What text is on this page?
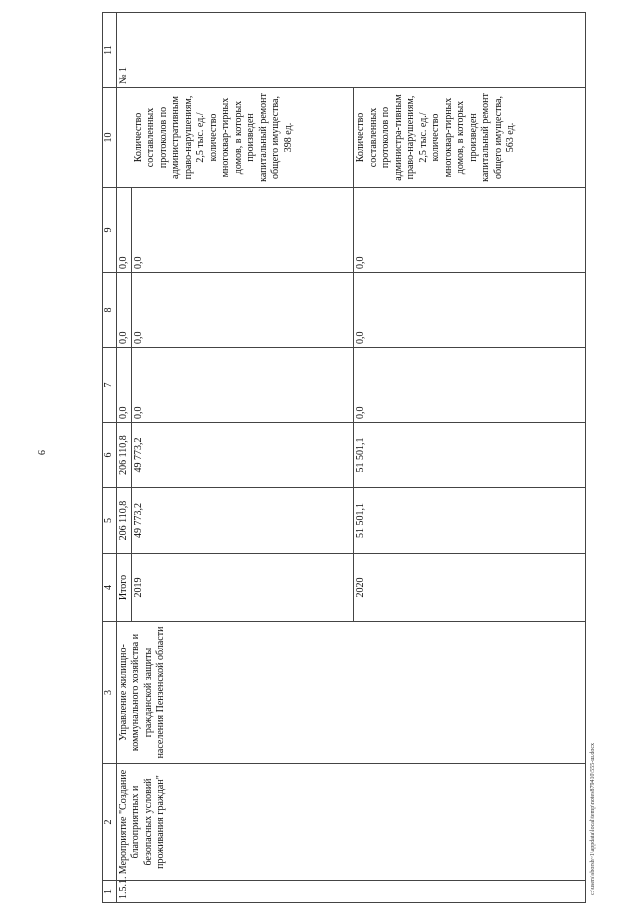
9
1	2	3	4	5	6	7	8	9	10	11
1.5.1.	Мероприятие "Создание благоприятных и безопасных условий проживания граждан"	Управление жилищно-коммунального хозяйства и гражданской защиты населения Пензенской области	Итого	206 110,8	206 110,8	0,0	0,0	0,0		№ 1
			2019	49 773,2	49 773,2	0,0	0,0	0,0	Количество составленных протоколов по административным право-нарушениям, 2,5 тыс. ед./ количество многоквар-тирных домов, в которых произведен капитальный ремонт общего имущества, 398 ед.	
			2020	51 501,1	51 501,1	0,0	0,0	0,0	Количество составленных протоколов по администра-тивным право-нарушениям, 2,5 тыс. ед./ количество многоквар-тирных домов, в которых произведен капитальный ремонт общего имущества, 563 ед.	
c:\users\sborsh~1\appdata\local\temp\notes879410\555-ш.docx
